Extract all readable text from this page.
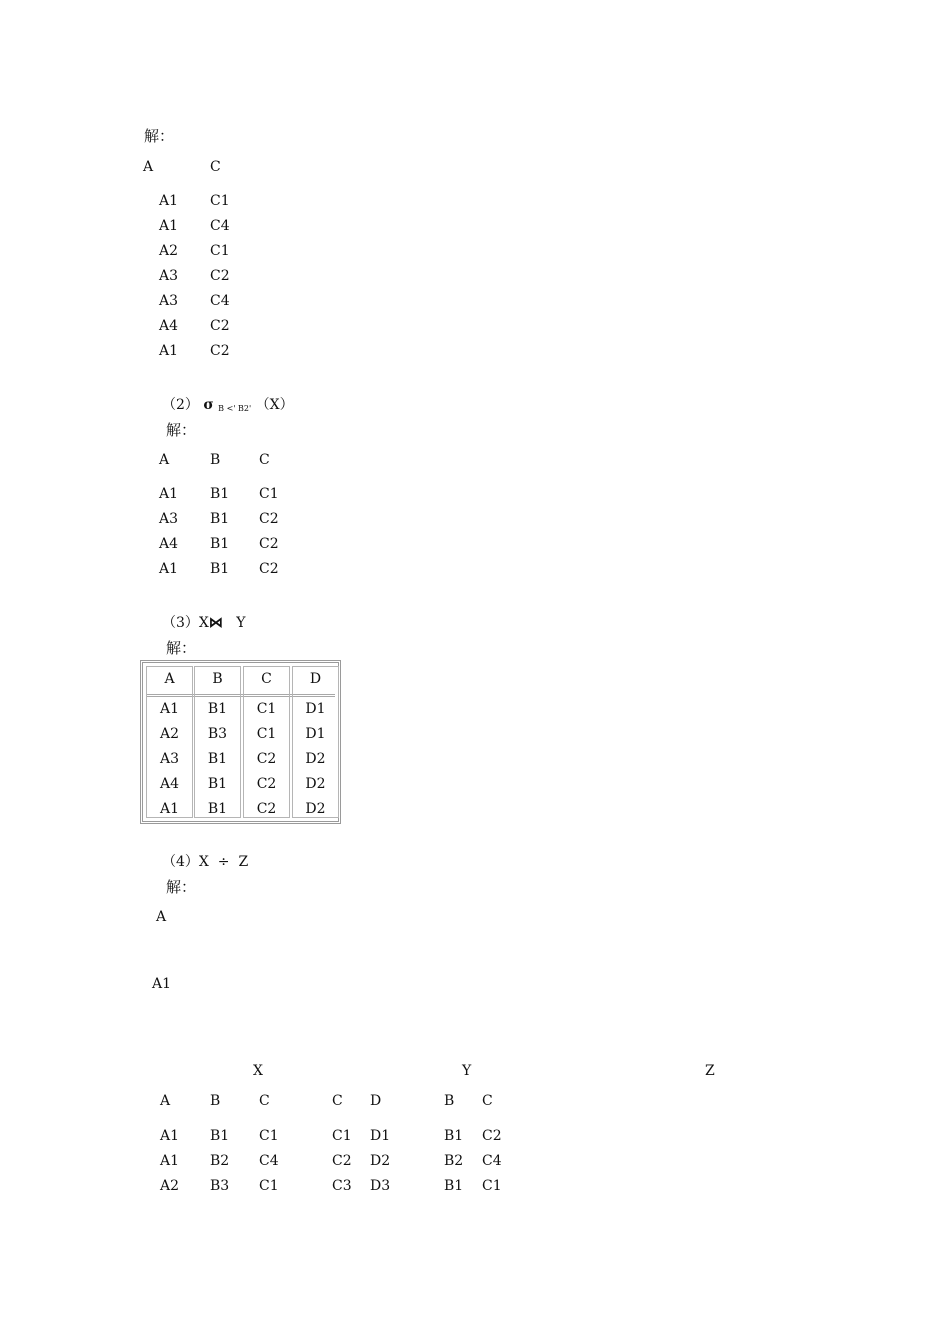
解：
A	C
A1 C1
A1 C4
A2 C1
A3 C2
A3 C4
A4 C2
A1 C2
（2） σ B <' B2' （X）
解：
A	B	C
A1 B1 C1
A3 B1 C2
A4 B1 C2
A1 B1 C2
（3）X⋈ Y
解：
A	B	C	D
A1	B1	C1	D1
A2	B3	C1	D1
A3	B1	C2	D2
A4	B1	C2	D2
A1	B1	C2	D2
（4）X ÷ Z
解：
A
A1
X	Y	Z
A	B	C
A1 B1 C1
A1 B2 C4
A2 B3 C1
C D
C1 D1
C2 D2
C3 D3
B C
B1 C2
B2 C4
B1 C1
